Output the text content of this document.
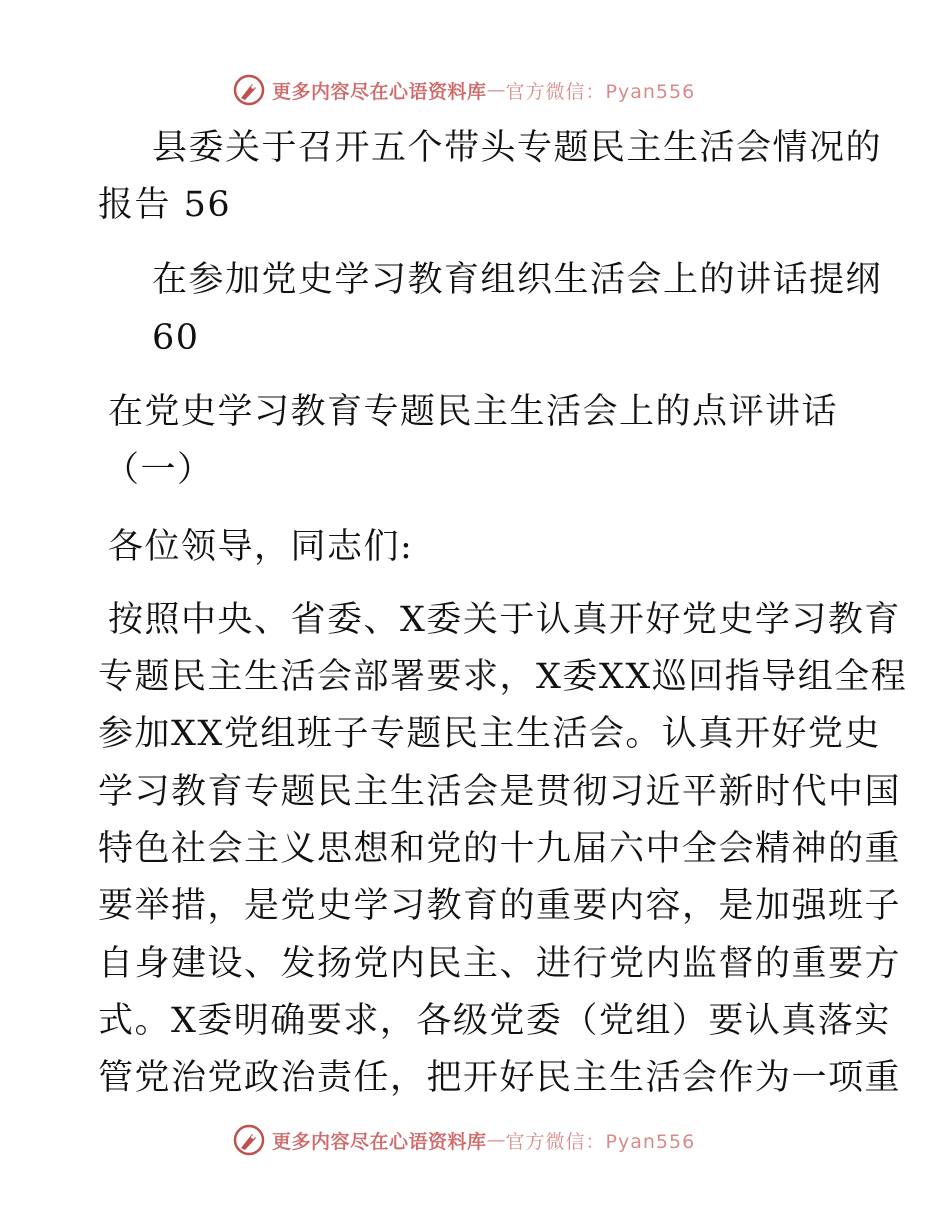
更多内容尽在心语资料库 — 官方微信：Pyan556
县委关于召开五个带头专题民主生活会情况的
报告 56
在参加党史学习教育组织生活会上的讲话提纲
60
在党史学习教育专题民主生活会上的点评讲话
（一）
各位领导，同志们:
按照中央、省委、X委关于认真开好党史学习教育
专题民主生活会部署要求，X委XX巡回指导组全程
参加XX党组班子专题民主生活会。认真开好党史
学习教育专题民主生活会是贯彻习近平新时代中国
特色社会主义思想和党的十九届六中全会精神的重
要举措，是党史学习教育的重要内容，是加强班子
自身建设、发扬党内民主、进行党内监督的重要方
式。X委明确要求，各级党委（党组）要认真落实
管党治党政治责任，把开好民主生活会作为一项重
更多内容尽在心语资料库 — 官方微信：Pyan556
